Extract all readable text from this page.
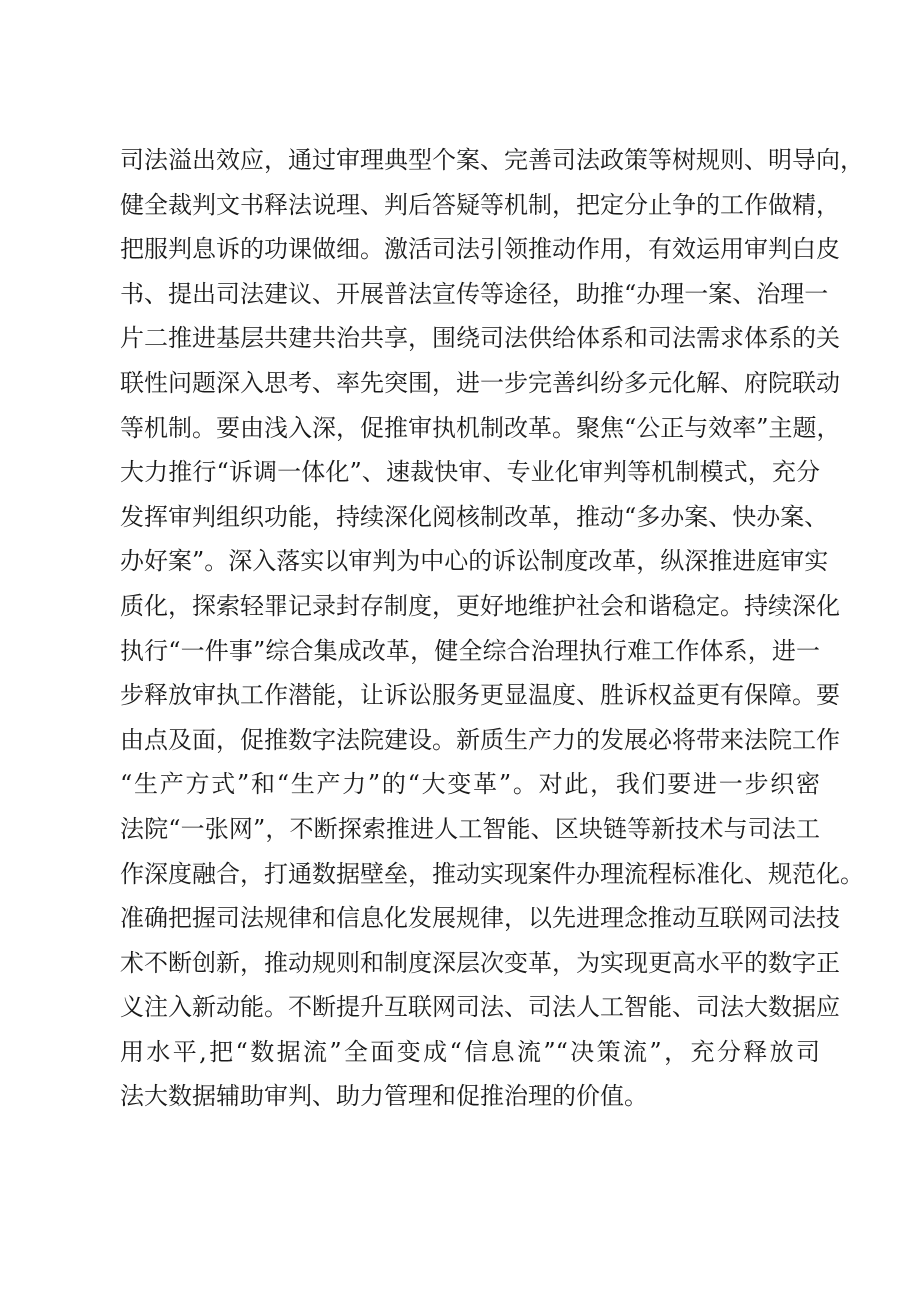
司法溢出效应，通过审理典型个案、完善司法政策等树规则、明导向，
健全裁判文书释法说理、判后答疑等机制，把定分止争的工作做精，
把服判息诉的功课做细。激活司法引领推动作用，有效运用审判白皮
书、提出司法建议、开展普法宣传等途径，助推“办理一案、治理一
片二推进基层共建共治共享，围绕司法供给体系和司法需求体系的关
联性问题深入思考、率先突围，进一步完善纠纷多元化解、府院联动
等机制。要由浅入深，促推审执机制改革。聚焦“公正与效率”主题，
大力推行“诉调一体化”、速裁快审、专业化审判等机制模式，充分
发挥审判组织功能，持续深化阅核制改革，推动“多办案、快办案、
办好案”。深入落实以审判为中心的诉讼制度改革，纵深推进庭审实
质化，探索轻罪记录封存制度，更好地维护社会和谐稳定。持续深化
执行“一件事”综合集成改革，健全综合治理执行难工作体系，进一
步释放审执工作潜能，让诉讼服务更显温度、胜诉权益更有保障。要
由点及面，促推数字法院建设。新质生产力的发展必将带来法院工作
“生产方式”和“生产力”的“大变革”。对此，我们要进一步织密
法院“一张网”，不断探索推进人工智能、区块链等新技术与司法工
作深度融合，打通数据壁垒，推动实现案件办理流程标准化、规范化。
准确把握司法规律和信息化发展规律，以先进理念推动互联网司法技
术不断创新，推动规则和制度深层次变革，为实现更高水平的数字正
义注入新动能。不断提升互联网司法、司法人工智能、司法大数据应
用水平,把“数据流”全面变成“信息流”“决策流”，充分释放司
法大数据辅助审判、助力管理和促推治理的价值。
